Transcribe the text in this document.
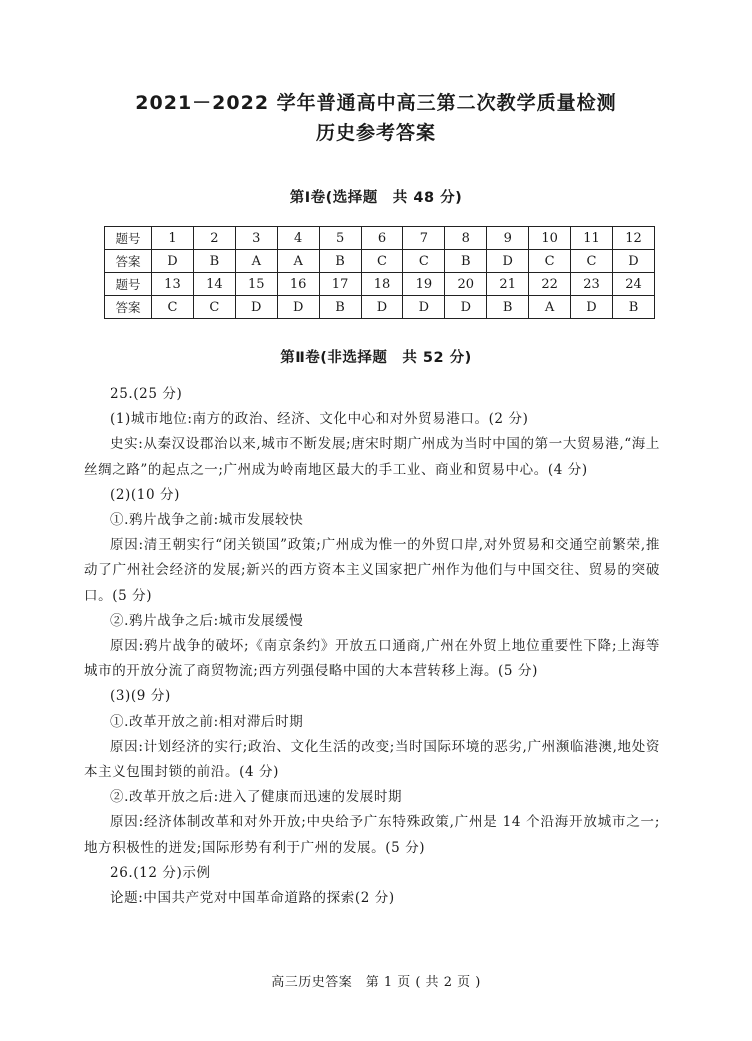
2021－2022 学年普通高中高三第二次教学质量检测
历史参考答案
第Ⅰ卷(选择题　共 48 分)
题号	1	2	3	4	5	6	7	8	9	10	11	12
答案	D	B	A	A	B	C	C	B	D	C	C	D
题号	13	14	15	16	17	18	19	20	21	22	23	24
答案	C	C	D	D	B	D	D	D	B	A	D	B
第Ⅱ卷(非选择题　共 52 分)

25.(25 分)

(1)城市地位:南方的政治、经济、文化中心和对外贸易港口。(2 分)

史实:从秦汉设郡治以来,城市不断发展;唐宋时期广州成为当时中国的第一大贸易港,“海上丝绸之路”的起点之一;广州成为岭南地区最大的手工业、商业和贸易中心。(4 分)

(2)(10 分)

①.鸦片战争之前:城市发展较快

原因:清王朝实行“闭关锁国”政策;广州成为惟一的外贸口岸,对外贸易和交通空前繁荣,推动了广州社会经济的发展;新兴的西方资本主义国家把广州作为他们与中国交往、贸易的突破口。(5 分)

②.鸦片战争之后:城市发展缓慢

原因:鸦片战争的破坏;《南京条约》开放五口通商,广州在外贸上地位重要性下降;上海等城市的开放分流了商贸物流;西方列强侵略中国的大本营转移上海。(5 分)

(3)(9 分)

①.改革开放之前:相对滞后时期

原因:计划经济的实行;政治、文化生活的改变;当时国际环境的恶劣,广州濒临港澳,地处资本主义包围封锁的前沿。(4 分)

②.改革开放之后:进入了健康而迅速的发展时期

原因:经济体制改革和对外开放;中央给予广东特殊政策,广州是 14 个沿海开放城市之一;地方积极性的迸发;国际形势有利于广州的发展。(5 分)

26.(12 分)示例

论题:中国共产党对中国革命道路的探索(2 分)

高三历史答案　第 1 页 ( 共 2 页 )
